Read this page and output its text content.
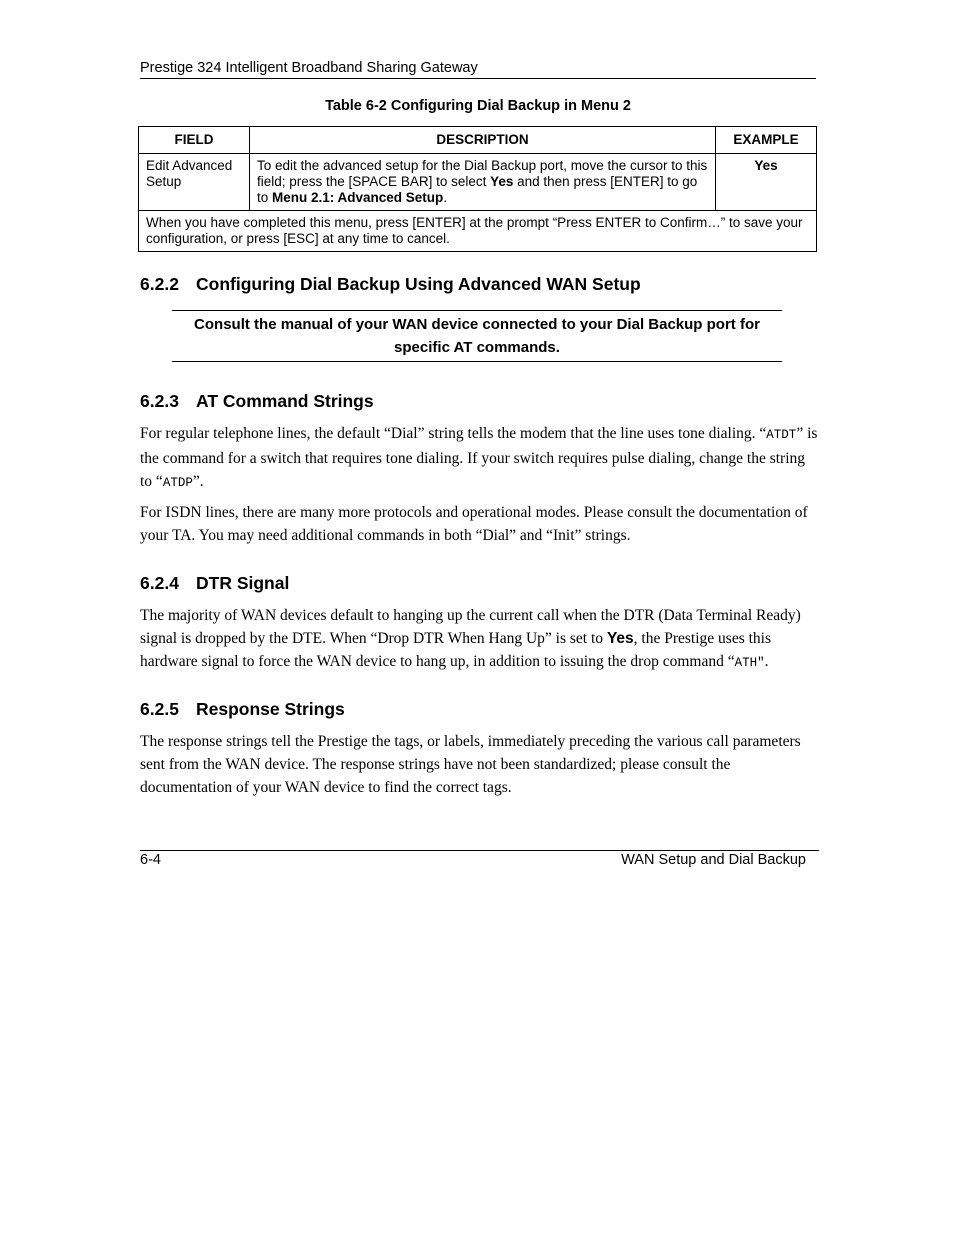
Prestige 324 Intelligent Broadband Sharing Gateway
Table 6-2 Configuring Dial Backup in Menu 2
FIELD	DESCRIPTION	EXAMPLE
Edit Advanced Setup	To edit the advanced setup for the Dial Backup port, move the cursor to this field; press the [SPACE BAR] to select Yes and then press [ENTER] to go to Menu 2.1: Advanced Setup.	Yes
When you have completed this menu, press [ENTER] at the prompt “Press ENTER to Confirm…” to save your configuration, or press [ESC] at any time to cancel.		
6.2.2 Configuring Dial Backup Using Advanced WAN Setup
Consult the manual of your WAN device connected to your Dial Backup port for specific AT commands.
6.2.3 AT Command Strings

For regular telephone lines, the default “Dial” string tells the modem that the line uses tone dialing. “ATDT” is the command for a switch that requires tone dialing. If your switch requires pulse dialing, change the string to “ATDP”.

For ISDN lines, there are many more protocols and operational modes. Please consult the documentation of your TA. You may need additional commands in both “Dial” and “Init” strings.

6.2.4 DTR Signal

The majority of WAN devices default to hanging up the current call when the DTR (Data Terminal Ready) signal is dropped by the DTE. When “Drop DTR When Hang Up” is set to Yes, the Prestige uses this hardware signal to force the WAN device to hang up, in addition to issuing the drop command “ATH".

6.2.5 Response Strings

The response strings tell the Prestige the tags, or labels, immediately preceding the various call parameters sent from the WAN device. The response strings have not been standardized; please consult the documentation of your WAN device to find the correct tags.

6-4	WAN Setup and Dial Backup
